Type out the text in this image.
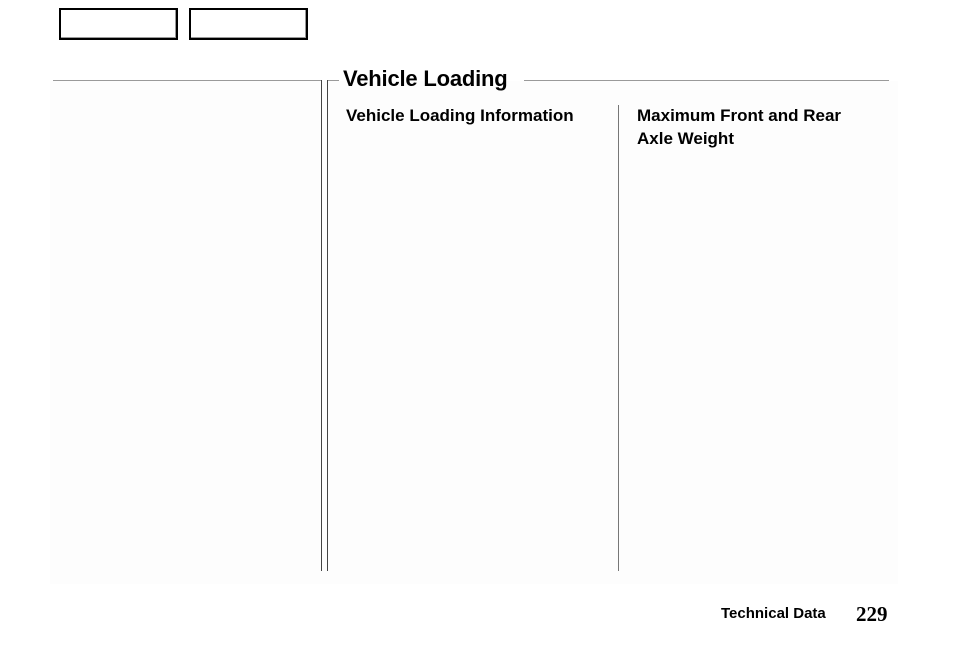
Vehicle Loading
Vehicle Loading Information	Maximum Front and Rear Axle Weight
Technical Data 229
